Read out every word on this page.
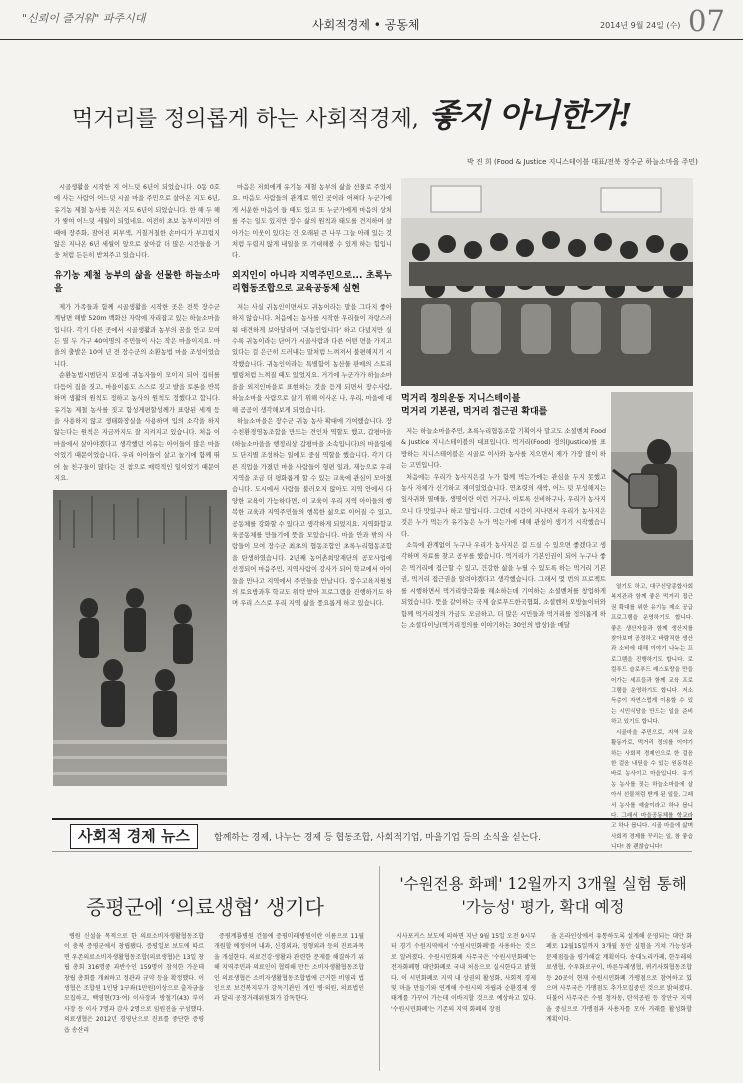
"신뢰이 즐거워" 파주시대	사회적경제 • 공동체	2014년 9월 24일 (수) 07
먹거리를 정의롭게 하는 사회적경제, 좋지 아니한가!
박 진 희 (Food & Justice 지니스테이블 대표/전북 장수군 하늘소마을 주민)

시골생활을 시작한 지 어느덧 6년이 되었습니다. 0동 0호에 사는 사람이 어느덧 시골 마을 주민으로 살아온 지도 6년, 유기농 제철 농사를 지은 지도 6년이 되었습니다. 한 해 두 해 가 쌓여 어느덧 세월이 되었네요. 여전히 초보 농부이지만 이때에 장주화, 잠어진 피부색, 거칠거칠한 손마디가 부끄럽지 않은 지나온 6년 세월이 앞으로 살아갈 더 많은 시간들을 기웅 처럼 든든히 받쳐주고 있습니다.

유기농 제철 농부의 삶을 선물한 하늘소마을

제가 가족들과 함께 시골생활을 시작한 곳은 전북 장수군 계남면 해발 520m 백화산 자락에 자리잡고 있는 하늘소마을입니다. 각기 다른 곳에서 시골생활과 농부의 꿈을 안고 모여든 열 두 가구 40여명의 주민들이 사는 작은 마을이지요. 마을의 출발은 10여 년 전 장수군의 소환농법 마을 조성이었습니다.

순환농법시범단지 모집에 귀농자들이 모이지 되어 집터를 다듬어 집을 짓고, 마을이름도 스스로 짓고 밭을 토론을 반복하며 생활의 원칙도 정하고 농사의 원칙도 정했다고 합니다. 유기농 제철 농사를 짓고 함성게편할성께가 표량된 세계 등을 사용하지 않고 생태화장실을 사용하며 입의 소각을 하지 않는다는 원칙은 지금까지도 잘 지켜지고 있습니다. 처음 이 마을에서 살아야겠다고 생각했던 이유는 아이들이 많은 마을이었기 때문이었습니다. 우리 아이들이 살고 놀기에 함께 뛰어 놀 친구들이 많다는 건 참으로 매력적인 일이었기 때문이지요.

마음은 저희에게 유기농 제철 농부의 삶을 선물로 주었지요. 마음도 사람들의 관계로 엮인 곳이라 어쩌다 누군가에게 서운한 마음이 들 때도 있고 또 누군가에게 마음의 상처를 주는 일도 있지만 장수 삶의 원칙과 태도를 견지하며 살아가는 이웃이 있다는 건 오래된 큰 나무 그늘 아래 있는 것처럼 두렵지 않게 내일을 또 기대해볼 수 있게 하는 힘입니다.

외지인이 아니라 지역주민으로... 초록누리협동조합으로 교육공동체 실현

저는 사실 귀농인이면서도 귀농이라는 말을 그다지 좋아하지 않습니다. 처음에는 농사를 시작한 우리들이 자랑스러워 대견하게 보아달라며 '귀농인입니다' 하고 다녔지만 실수록 귀농이라는 단어가 시골사람과 다른 어떤 면을 가지고 있다는 걸 은근히 드러내는 말처럼 느껴져서 불편해지기 시작했습니다. 귀농인이라는 특별함이 농산물 판매의 스토리텔링처럼 느껴질 때도 있었지요. 거기에 누군가가 하늘소마을을 외지인마을로 표현하는 것을 듣게 되면서 장수사람, 하늘소마을 사람으로 살기 위해 이사온 나, 우리, 마을에 대해 곰곰이 생각해보게 되었습니다.

하늘소마을은 장수군 귀농 농사 확대에 기여했습니다. 장수친환경영농조합을 만드는 견인차 역할도 했고, 갑평마을(하늘소마을을 행정리상 갑평마을 소속입니다)의 마을일에도 단지별 조성하는 일에도 중심 역할을 했습니다. 각기 다른 직업을 가졌던 마을 사람들이 형편 일과, 재능으로 우리 지역을 조금 더 평화롭게 할 수 있는 교육에 관심이 모아졌습니다. 도시에서 사람들 불러오지 않아도 지역 안에서 다양한 교육이 가능하다면, 이 교육이 우리 지역 아이들의 행복한 교육과 지역주민들의 행복한 삶으로 이어질 수 있고, 공동체를 강화할 수 있다고 생각하게 되었지요. 지역화합교육공동체를 만들기에 뜻을 모았습니다. 마을 안과 밖의 사람들이 모여 장수군 최초의 협동조합인 초록누리협동조합을 탄생하였습니다. 2년째 농어촌희망재단의 공모사업에 선정되어 마음주민, 지역사람이 강사가 되어 학교에서 아이들을 만나고 지역에서 주민들을 만납니다. 장수고육지원청의 토요방과후 학교도 위탁 받아 프로그램을 진행하기도 하며 우리 스스로 우리 지역 삶을 풍요롭게 하고 있습니다.

먹거리 정의운동 지니스테이블
먹거리 기본권, 먹거리 접근권 확대를

저는 하늘소마을주민, 초록누리협동조합 기획이사 말고도 소셜벤쳐 Food & Justice 지니스테이블의 대표입니다. 먹거리(Food) 정의(Justice)를 표방하는 지니스테이블은 시골로 이사와 농사를 지으면서 제가 가장 많이 하는 고민입니다.

처음에는 우리가 농사지은걸 누가 함께 먹는가에는 관심을 두지 못했고 농사 자체가 신기하고 재미있었습니다. 연초렷의 새싹, 어느 덧 무성해지는 잎사귀와 열매들, 생명이란 이런 거구나, 이토록 신비하구나, 우리가 농사지으니 다 맛있구나 하고 말입니다. 그런데 시간이 지나면서 우리가 농사지은 것은 누가 먹는가 유기농은 누가 먹는가에 대해 관심이 생기기 시작했습니다.

소득에 관계없이 누구나 우리가 농사지은 걸 드실 수 있으면 좋겠다고 생각하며 자료를 찾고 공부를 했습니다. 먹거리가 기본인권이 되어 누구나 좋은 먹거리에 접근할 수 있고, 건강한 삶을 누릴 수 있도록 하는 먹거리 기본권, 먹거리 접근권을 알려야겠다고 생각했습니다. 그래서 몇 번의 프로젝트를 시행하면서 먹거리양극화를 해소하는데 기여하는 소셜벤처를 창업하게 되었습니다. 뜻을 같이하는 국제 슬로푸드한국협회, 소셜벤처 오방놀이터와 함께 먹거리정의 가금도 모금하고, 더 많은 시민들과 먹거리를 정의롭게 하는 소셜다이닝(먹거리정의를 이야기하는 30인의 밥상)을 매달

열기도 하고, 대구신당종합사회복지관과 함께 좋은 먹거리 접근권 확대를 위한 유기농 제소 공급 프로그램을 운영하기도 합니다. 좋은 생산자들과 함께 생산지를 찾아보며 공정하고 바람직한 생산과 소비에 대해 이야기 나누는 프로그램을 진행하기도 합니다. 로컬푸드 슬로푸드 레스토랑을 만들어가는 세프들과 함께 교육 프로그램을 운영하기도 합니다. 저소득층이 자연스럽게 이용할 수 있는 시민식당을 만드는 일을 준비하고 있기도 합니다.

시골마을 주민으로, 지역 교육활동가로, 먹거리 정의를 이야기하는 사회적 경제인으로 한 걸음 한 걸음 내딛을 수 있는 원동력은 바로 농사이고 마을입니다. 유기농 농사를 짓는 하늘소마을에 살아서 선물처럼 받게 된 일들, 그래서 농사를 예술이라고 하나 봅니다. 그래서 마을공동체를 학교라고 하나 봅니다. 시골 마을에 삶며 사회적 경제를 꾸리는 일, 참 좋습니다! 참 괜찮습니다!

사회적 경제 뉴스	함께하는 경제, 나누는 경제 등 협동조합, 사회적기업, 마을기업 등의 소식을 싣는다.
증평군에 ‘의료생협’ 생기다

병원 신설을 목적으로 한 의료소비자생활협동조합이 충북 증평군에서 창립됐다. 증평일보 보도에 따르면 우존의료소비자생활협동조합(의료생협)은 13일 창립 총회 316명중 과반수인 159명이 참석한 가운데 창립 총회를 개최하고 정관과 규약 등을 확정했다. 이 생협은 조합원 1인당 1구좌(1만원)이상으로 출자금을 모집하고, 백영현(73·여) 이사장과 방철기(43) 부이사장 등 이사 7명과 감사 2명으로 임원진을 구성했다. 의료생협은 2012년 경영난으로 진료를 중단한 증평읍 송산리

증평계룡병원 건물에 증평미래병원이란 이름으로 11월 개원할 예정이며 내과, 신경외과, 정형외과 등의 진료과목을 개설한다. 의료건강·생활과 관련한 문제를 해결하기 위해 지역주민과 의료인이 협력해 만든 소비자생활협동조합인 의료생협은 소비자생활협동조합법에 근거한 비영리 법인으로 보건복지부가 감독기관인 개인 병·의원, 의료법인과 달리 공정거래위원회가 감독한다.

'수원전용 화폐' 12월까지 3개월 실험 통해
'가능성' 평가, 확대 예정

시사포커스 보도에 의하면 지난 9월 15일 오전 9시부터 경기 수원지역에서 '수원시민화폐'를 사용하는 것으로 알려졌다. 수원시민화폐 사무국은 '수원시민화폐'는 전자화폐형 대안화폐로 국내 처음으로 실시한다고 밝혔다. 이 시민화폐로 지역 내 상권의 활성화, 사회적 경제 및 마을 만들기와 연계해 수원시의 자립과 순환경제 생태계를 가꾸어 가는데 이바지할 것으로 예상하고 있다. '수원시민화폐'는 기존의 지역 화폐의 장점

을 온라인상에서 유통하도록 설계해 운영되는 대안 화폐로 12월15일까지 3개월 동안 실험을 거쳐 가능성과 문제점들을 평가해갈 계획이다. 송대노리카페, 한두레의료생협, 수우화로구이, 바른두레생협, 퀴키사회협동조합 등 20곳이 현재 수원시민화폐 가맹점으로 참여하고 있으며 사무국은 가맹점도 추가모집중인 것으로 밝혀졌다. 더불어 사무국은 수원 청자동, 탄석공원 등 장안구 지역을 중심으로 가맹점과 사용자를 모아 거래를 활성화할 계획이다.
